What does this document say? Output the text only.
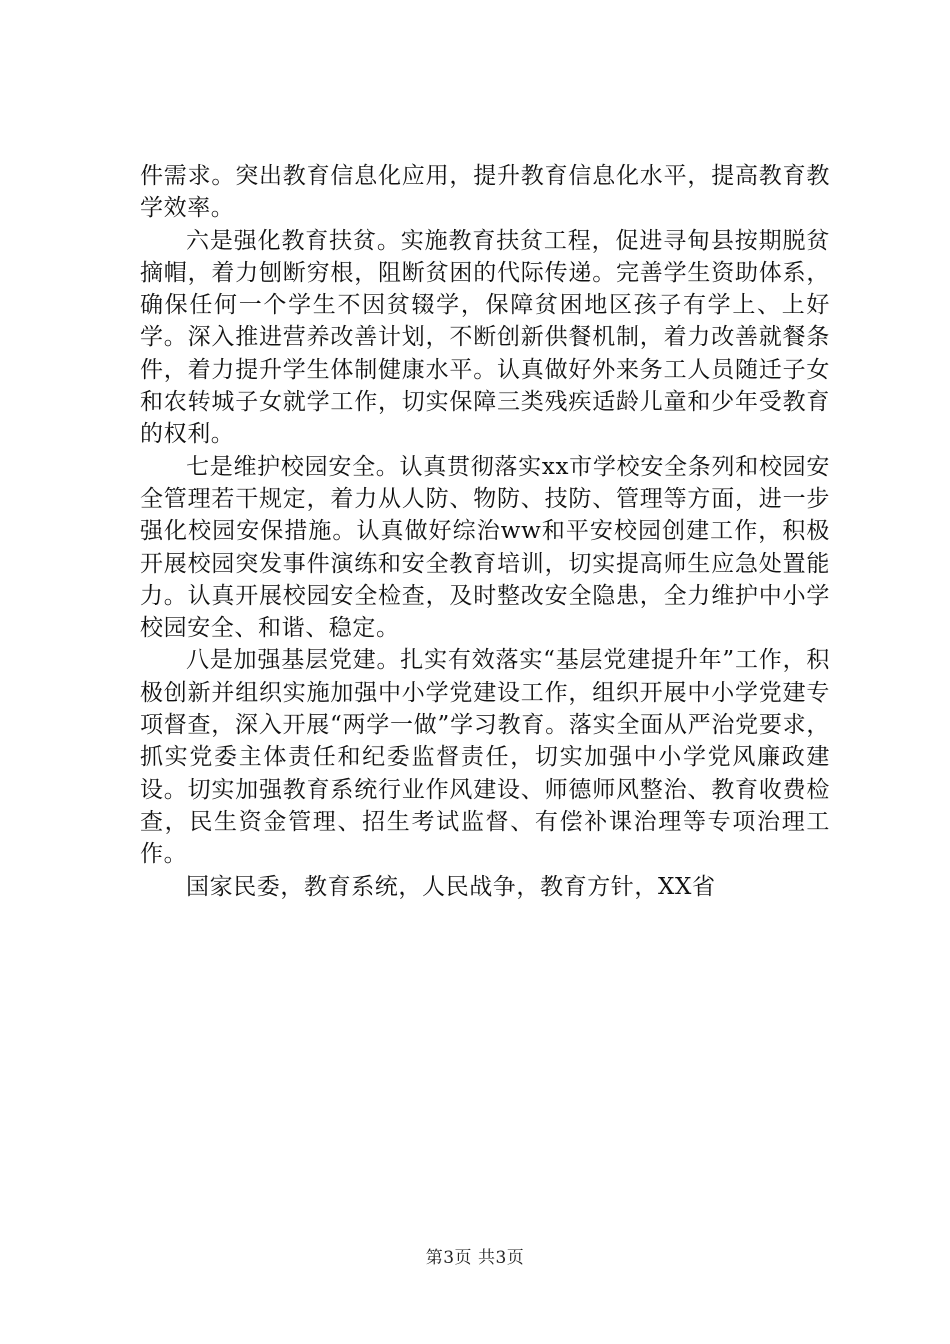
件需求。突出教育信息化应用，提升教育信息化水平，提高教育教学效率。

六是强化教育扶贫。实施教育扶贫工程，促进寻甸县按期脱贫摘帽，着力刨断穷根，阻断贫困的代际传递。完善学生资助体系，确保任何一个学生不因贫辍学，保障贫困地区孩子有学上、上好学。深入推进营养改善计划，不断创新供餐机制，着力改善就餐条件，着力提升学生体制健康水平。认真做好外来务工人员随迁子女和农转城子女就学工作，切实保障三类残疾适龄儿童和少年受教育的权利。

七是维护校园安全。认真贯彻落实xx市学校安全条列和校园安全管理若干规定，着力从人防、物防、技防、管理等方面，进一步强化校园安保措施。认真做好综治ww和平安校园创建工作，积极开展校园突发事件演练和安全教育培训，切实提高师生应急处置能力。认真开展校园安全检查，及时整改安全隐患，全力维护中小学校园安全、和谐、稳定。

八是加强基层党建。扎实有效落实“基层党建提升年”工作，积极创新并组织实施加强中小学党建设工作，组织开展中小学党建专项督查，深入开展“两学一做”学习教育。落实全面从严治党要求，抓实党委主体责任和纪委监督责任，切实加强中小学党风廉政建设。切实加强教育系统行业作风建设、师德师风整治、教育收费检查，民生资金管理、招生考试监督、有偿补课治理等专项治理工作。

国家民委，教育系统，人民战争，教育方针，XX省

第3页 共3页
